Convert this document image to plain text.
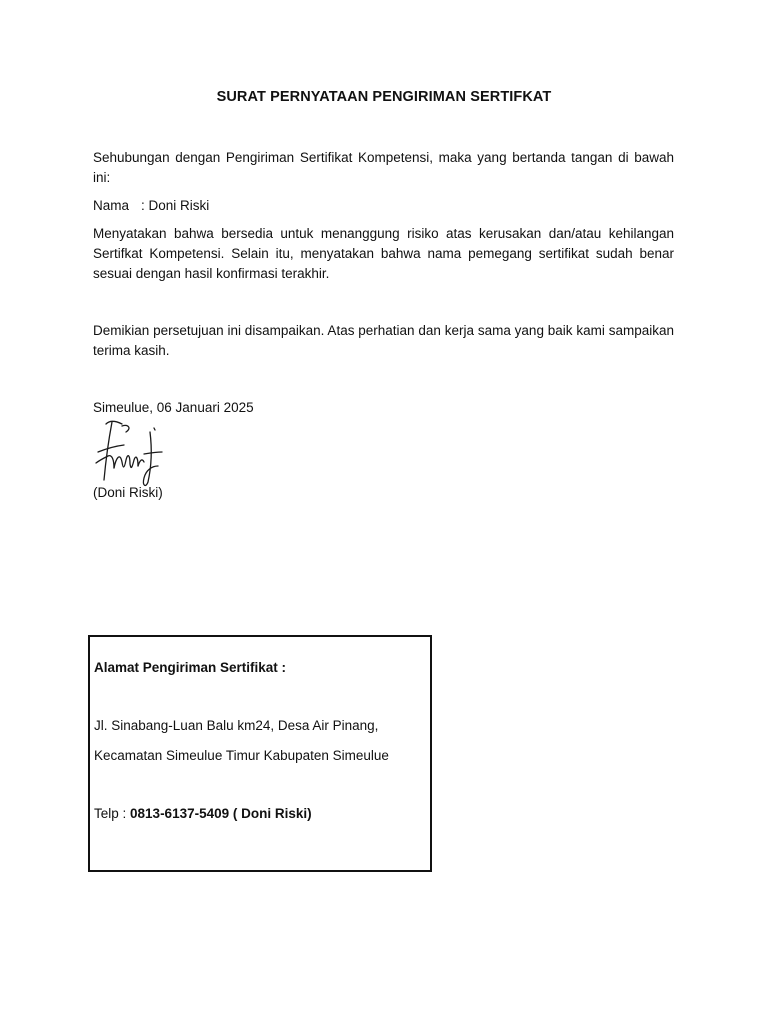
SURAT PERNYATAAN PENGIRIMAN SERTIFKAT

Sehubungan dengan Pengiriman Sertifikat Kompetensi, maka yang bertanda tangan di bawah ini:

Nama : Doni Riski

Menyatakan bahwa bersedia untuk menanggung risiko atas kerusakan dan/atau kehilangan Sertifkat Kompetensi. Selain itu, menyatakan bahwa nama pemegang sertifikat sudah benar sesuai dengan hasil konfirmasi terakhir.

Demikian persetujuan ini disampaikan. Atas perhatian dan kerja sama yang baik kami sampaikan terima kasih.

Simeulue, 06 Januari 2025

(Doni Riski)
Alamat Pengiriman Sertifikat :
Jl. Sinabang-Luan Balu km24, Desa Air Pinang,
Kecamatan Simeulue Timur Kabupaten Simeulue
Telp : 0813-6137-5409 ( Doni Riski)
